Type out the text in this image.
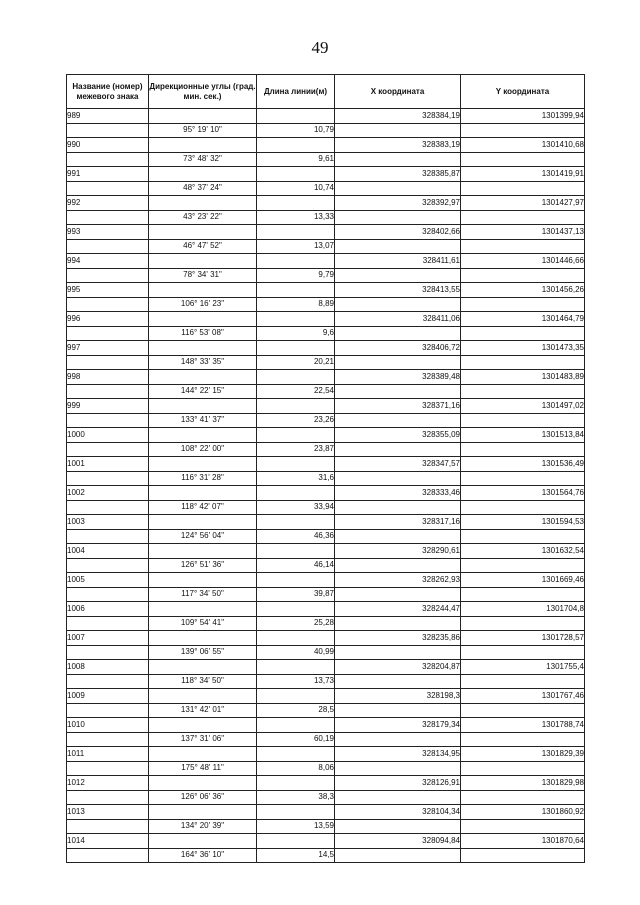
49
Название (номер) межевого знака	Дирекционные углы (град. мин. сек.)	Длина линии(м)	X координата	Y координата
989			328384,19	1301399,94
	95° 19' 10"	10,79		
990			328383,19	1301410,68
	73° 48' 32"	9,61		
991			328385,87	1301419,91
	48° 37' 24"	10,74		
992			328392,97	1301427,97
	43° 23' 22"	13,33		
993			328402,66	1301437,13
	46° 47' 52"	13,07		
994			328411,61	1301446,66
	78° 34' 31"	9,79		
995			328413,55	1301456,26
	106° 16' 23"	8,89		
996			328411,06	1301464,79
	116° 53' 08"	9,6		
997			328406,72	1301473,35
	148° 33' 35"	20,21		
998			328389,48	1301483,89
	144° 22' 15"	22,54		
999			328371,16	1301497,02
	133° 41' 37"	23,26		
1000			328355,09	1301513,84
	108° 22' 00"	23,87		
1001			328347,57	1301536,49
	116° 31' 28"	31,6		
1002			328333,46	1301564,76
	118° 42' 07"	33,94		
1003			328317,16	1301594,53
	124° 56' 04"	46,36		
1004			328290,61	1301632,54
	126° 51' 36"	46,14		
1005			328262,93	1301669,46
	117° 34' 50"	39,87		
1006			328244,47	1301704,8
	109° 54' 41"	25,28		
1007			328235,86	1301728,57
	139° 06' 55"	40,99		
1008			328204,87	1301755,4
	118° 34' 50"	13,73		
1009			328198,3	1301767,46
	131° 42' 01"	28,5		
1010			328179,34	1301788,74
	137° 31' 06"	60,19		
1011			328134,95	1301829,39
	175° 48' 11"	8,06		
1012			328126,91	1301829,98
	126° 06' 36"	38,3		
1013			328104,34	1301860,92
	134° 20' 39"	13,59		
1014			328094,84	1301870,64
	164° 36' 10"	14,5		
